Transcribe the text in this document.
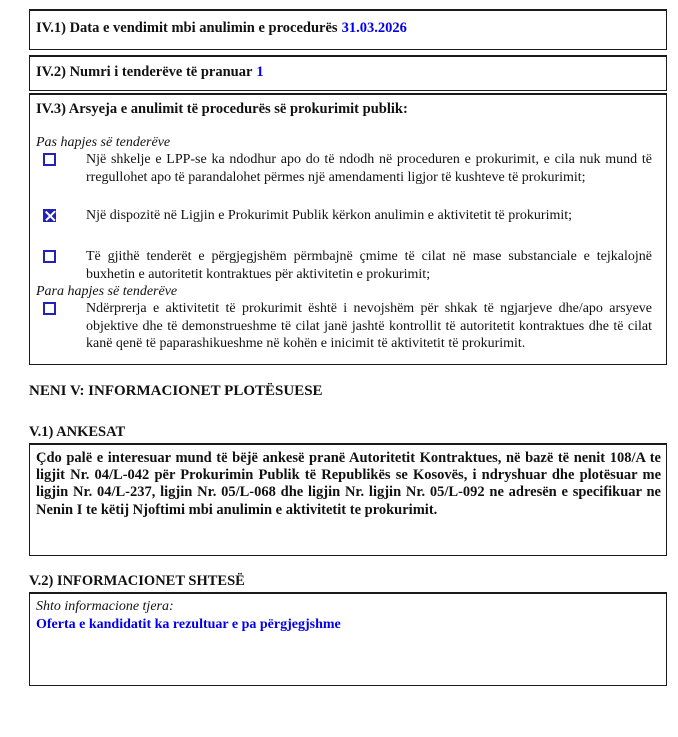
IV.1) Data e vendimit mbi anulimin e procedurës 31.03.2026
IV.2) Numri i tenderëve të pranuar 1
IV.3) Arsyeja e anulimit të procedurës së prokurimit publik:
Pas hapjes së tenderëve
Një shkelje e LPP-se ka ndodhur apo do të ndodh në proceduren e prokurimit, e cila nuk mund të rregullohet apo të parandalohet përmes një amendamenti ligjor të kushteve të prokurimit;
Një dispozitë në Ligjin e Prokurimit Publik kërkon anulimin e aktivitetit të prokurimit;
Të gjithë tenderët e përgjegjshëm përmbajnë çmime të cilat në mase substanciale e tejkalojnë buxhetin e autoritetit kontraktues për aktivitetin e prokurimit;
Para hapjes së tenderëve
Ndërprerja e aktivitetit të prokurimit është i nevojshëm për shkak të ngjarjeve dhe/apo arsyeve objektive dhe të demonstrueshme të cilat janë jashtë kontrollit të autoritetit kontraktues dhe të cilat kanë qenë të paparashikueshme në kohën e inicimit të aktivitetit të prokurimit.
NENI V: INFORMACIONET PLOTËSUESE
V.1) ANKESAT

Çdo palë e interesuar mund të bëjë ankesë pranë Autoritetit Kontraktues, në bazë të nenit 108/A te ligjit Nr. 04/L-042 për Prokurimin Publik të Republikës se Kosovës, i ndryshuar dhe plotësuar me ligjin Nr. 04/L-237, ligjin Nr. 05/L-068 dhe ligjin Nr. ligjin Nr. 05/L-092 ne adresën e specifikuar ne Nenin I te këtij Njoftimi mbi anulimin e aktivitetit te prokurimit.

V.2) INFORMACIONET SHTESË
Shto informacione tjera:
Oferta e kandidatit ka rezultuar e pa përgjegjshme
